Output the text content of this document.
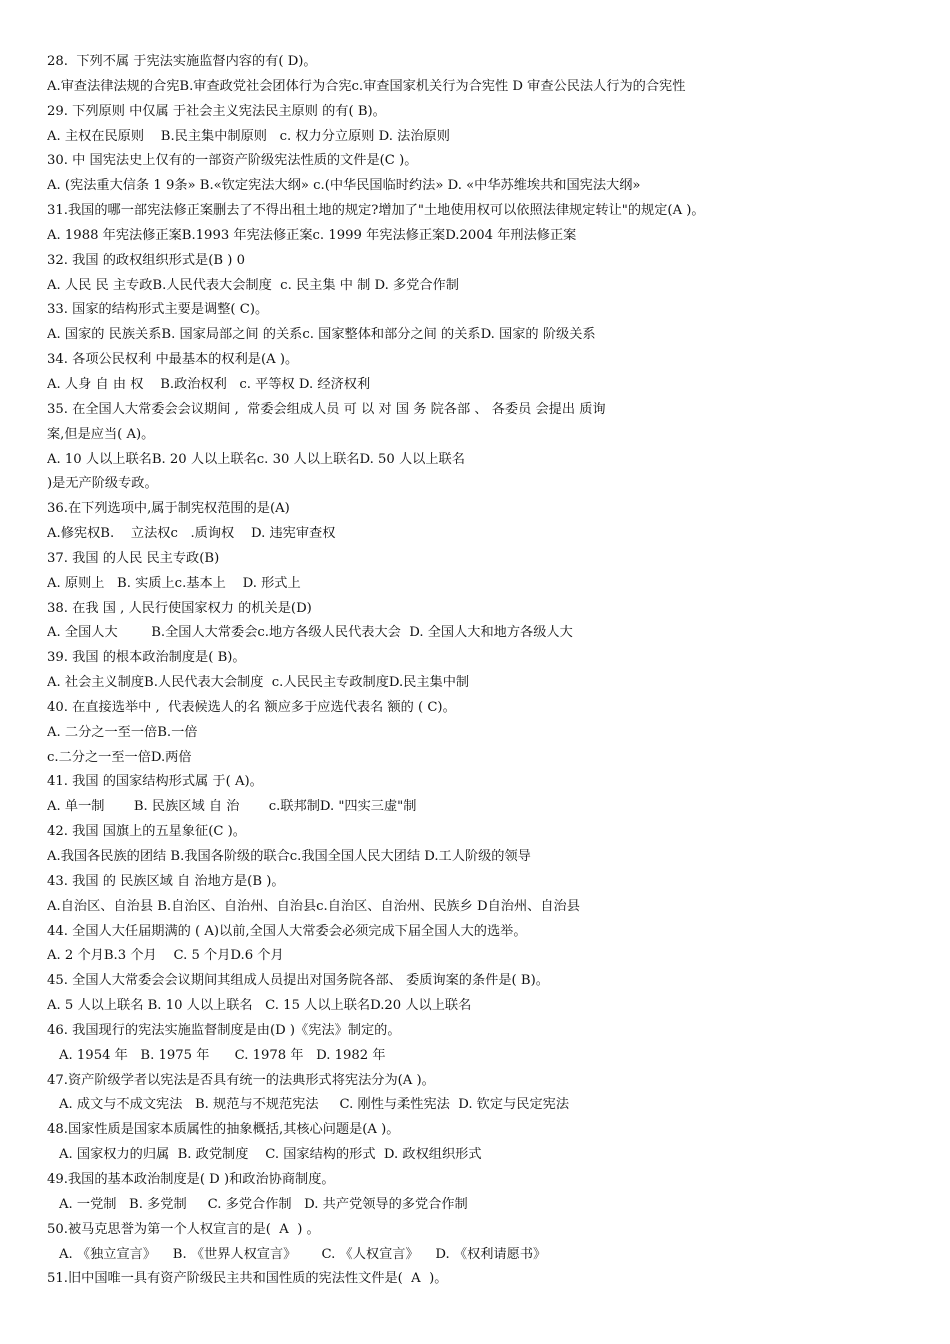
28.  下列不属 于宪法实施监督内容的有( D)。
A.审查法律法规的合宪B.审查政党社会团体行为合宪c.审查国家机关行为合宪性 D 审查公民法人行为的合宪性
29. 下列原则 中仅属 于社会主义宪法民主原则 的有( B)。
A. 主权在民原则    B.民主集中制原则   c. 权力分立原则 D. 法治原则
30. 中 国宪法史上仅有的一部资产阶级宪法性质的文件是(C )。
A. (宪法重大信条 1 9条» B.«钦定宪法大纲» c.(中华民国临时约法» D. «中华苏维埃共和国宪法大纲»
31.我国的哪一部宪法修正案删去了不得出租土地的规定?增加了"土地使用权可以依照法律规定转让"的规定(A )。
A. 1988 年宪法修正案B.1993 年宪法修正案c. 1999 年宪法修正案D.2004 年刑法修正案
32. 我国 的政权组织形式是(B ) 0
A. 人民 民 主专政B.人民代表大会制度  c. 民主集 中 制 D. 多党合作制
33. 国家的结构形式主要是调整( C)。
A. 国家的 民族关系B. 国家局部之间 的关系c. 国家整体和部分之间 的关系D. 国家的 阶级关系
34. 各项公民权利 中最基本的权利是(A )。
A. 人身 自 由 权    B.政治权利   c. 平等权 D. 经济权利
35. 在全国人大常委会会议期间 ,  常委会组成人员 可 以 对 国 务 院各部 、 各委员 会提出 质询
案,但是应当( A)。
A. 10 人以上联名B. 20 人以上联名c. 30 人以上联名D. 50 人以上联名
)是无产阶级专政。
36.在下列选项中,属于制宪权范围的是(A)
A.修宪权B.    立法权c   .质询权    D. 违宪审查权
37. 我国 的人民 民主专政(B)
A. 原则上   B. 实质上c.基本上    D. 形式上
38. 在我 国 , 人民行使国家权力 的机关是(D)
A. 全国人大        B.全国人大常委会c.地方各级人民代表大会  D. 全国人大和地方各级人大
39. 我国 的根本政治制度是( B)。
A. 社会主义制度B.人民代表大会制度  c.人民民主专政制度D.民主集中制
40. 在直接选举中 ,  代表候选人的名 额应多于应选代表名 额的 ( C)。
A. 二分之一至一倍B.一倍
c.二分之一至一倍D.两倍
41. 我国 的国家结构形式属 于( A)。
A. 单一制       B. 民族区域 自 治       c.联邦制D. "四实三虚"制
42. 我国 国旗上的五星象征(C )。
A.我国各民族的团结 B.我国各阶级的联合c.我国全国人民大团结 D.工人阶级的领导
43. 我国 的 民族区域 自 治地方是(B )。
A.自治区、自治县 B.自治区、自治州、自治县c.自治区、自治州、民族乡 D自治州、自治县
44. 全国人大任届期满的 ( A)以前,全国人大常委会必须完成下届全国人大的选举。
A. 2 个月B.3 个月    C. 5 个月D.6 个月
45. 全国人大常委会会议期间其组成人员提出对国务院各部、 委质询案的条件是( B)。
A. 5 人以上联名 B. 10 人以上联名   C. 15 人以上联名D.20 人以上联名
46. 我国现行的宪法实施监督制度是由(D )《宪法》制定的。
A. 1954 年   B. 1975 年      C. 1978 年   D. 1982 年
47.资产阶级学者以宪法是否具有统一的法典形式将宪法分为(A )。
A. 成文与不成文宪法   B. 规范与不规范宪法     C. 刚性与柔性宪法  D. 钦定与民定宪法
48.国家性质是国家本质属性的抽象概括,其核心问题是(A )。
A. 国家权力的归属  B. 政党制度    C. 国家结构的形式  D. 政权组织形式
49.我国的基本政治制度是( D )和政治协商制度。
A. 一党制   B. 多党制     C. 多党合作制   D. 共产党领导的多党合作制
50.被马克思誉为第一个人权宣言的是(  A  ) 。
A. 《独立宣言》    B. 《世界人权宣言》      C. 《人权宣言》    D. 《权利请愿书》
51.旧中国唯一具有资产阶级民主共和国性质的宪法性文件是(  A  )。
